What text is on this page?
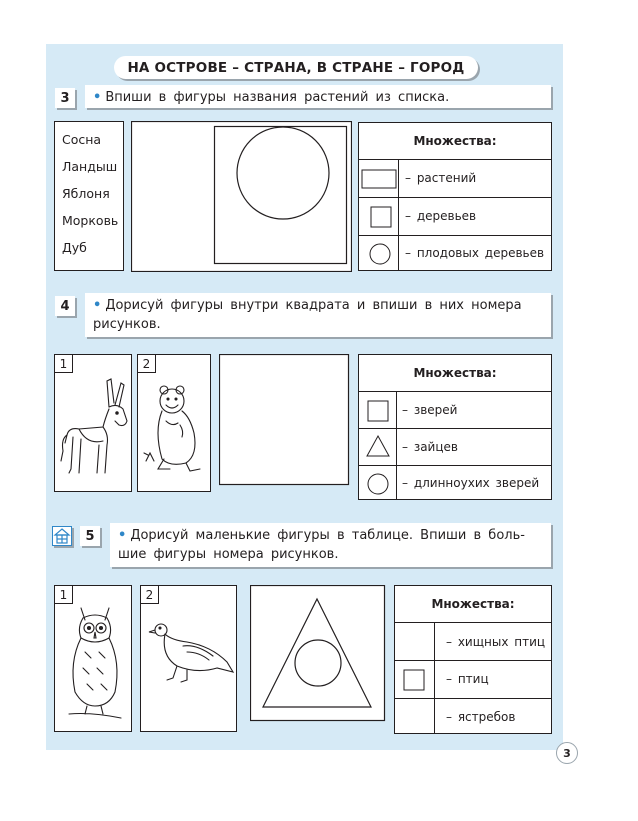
НА ОСТРОВЕ – СТРАНА, В СТРАНЕ – ГОРОД
3	• Впиши в фигуры названия растений из списка.
Сосна
Ландыш
Яблоня
Морковь
Дуб
Множества:
– растений
– деревьев
– плодовых деревьев
4	• Дорисуй фигуры внутри квадрата и впиши в них номера рисунков.
1	2
Множества:
– зверей
– зайцев
– длинноухих зверей
5	• Дорисуй маленькие фигуры в таблице. Впиши в боль-шие фигуры номера рисунков.
1	2
Множества:
– хищных птиц
– птиц
– ястребов
3
